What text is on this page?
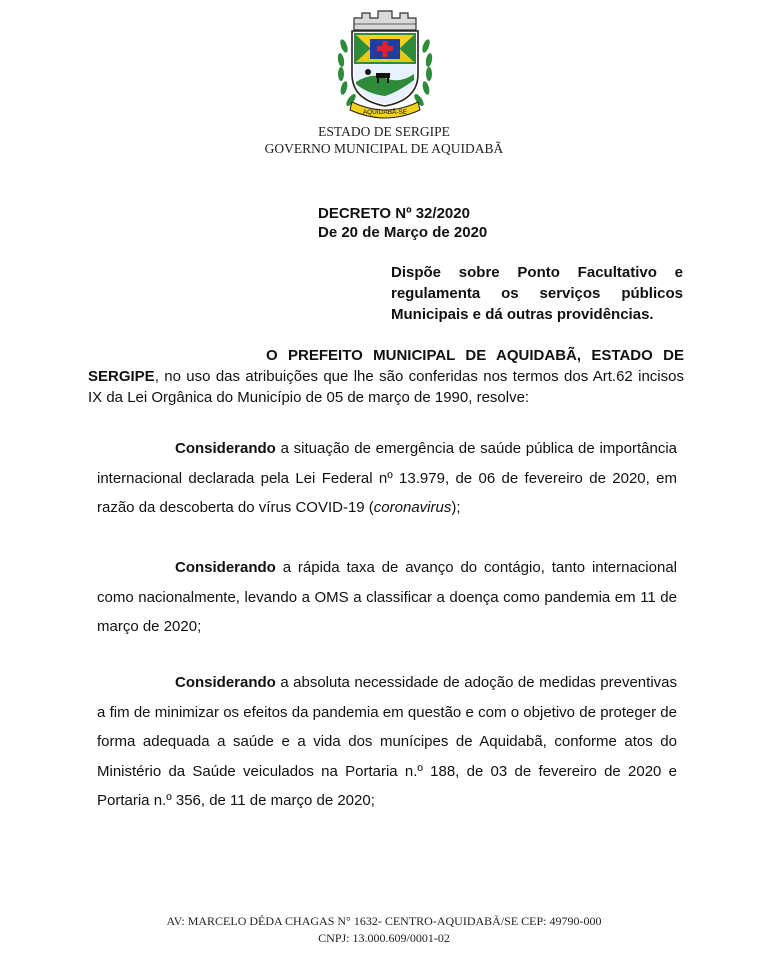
AQUIDABÃ-SE
ESTADO DE SERGIPE
GOVERNO MUNICIPAL DE AQUIDABÃ
DECRETO Nº 32/2020
De 20 de Março de 2020
Dispõe sobre Ponto Facultativo e regulamenta os serviços públicos Municipais e dá outras providências.
O PREFEITO MUNICIPAL DE AQUIDABÃ, ESTADO DE SERGIPE, no uso das atribuições que lhe são conferidas nos termos dos Art.62 incisos IX da Lei Orgânica do Município de 05 de março de 1990, resolve:
Considerando a situação de emergência de saúde pública de importância internacional declarada pela Lei Federal nº 13.979, de 06 de fevereiro de 2020, em razão da descoberta do vírus COVID-19 (coronavirus);
Considerando a rápida taxa de avanço do contágio, tanto internacional como nacionalmente, levando a OMS a classificar a doença como pandemia em 11 de março de 2020;
Considerando a absoluta necessidade de adoção de medidas preventivas a fim de minimizar os efeitos da pandemia em questão e com o objetivo de proteger de forma adequada a saúde e a vida dos munícipes de Aquidabã, conforme atos do Ministério da Saúde veiculados na Portaria n.º 188, de 03 de fevereiro de 2020 e Portaria n.º 356, de 11 de março de 2020;
AV: MARCELO DÉDA CHAGAS N° 1632- CENTRO-AQUIDABÃ/SE CEP: 49790-000
CNPJ: 13.000.609/0001-02
